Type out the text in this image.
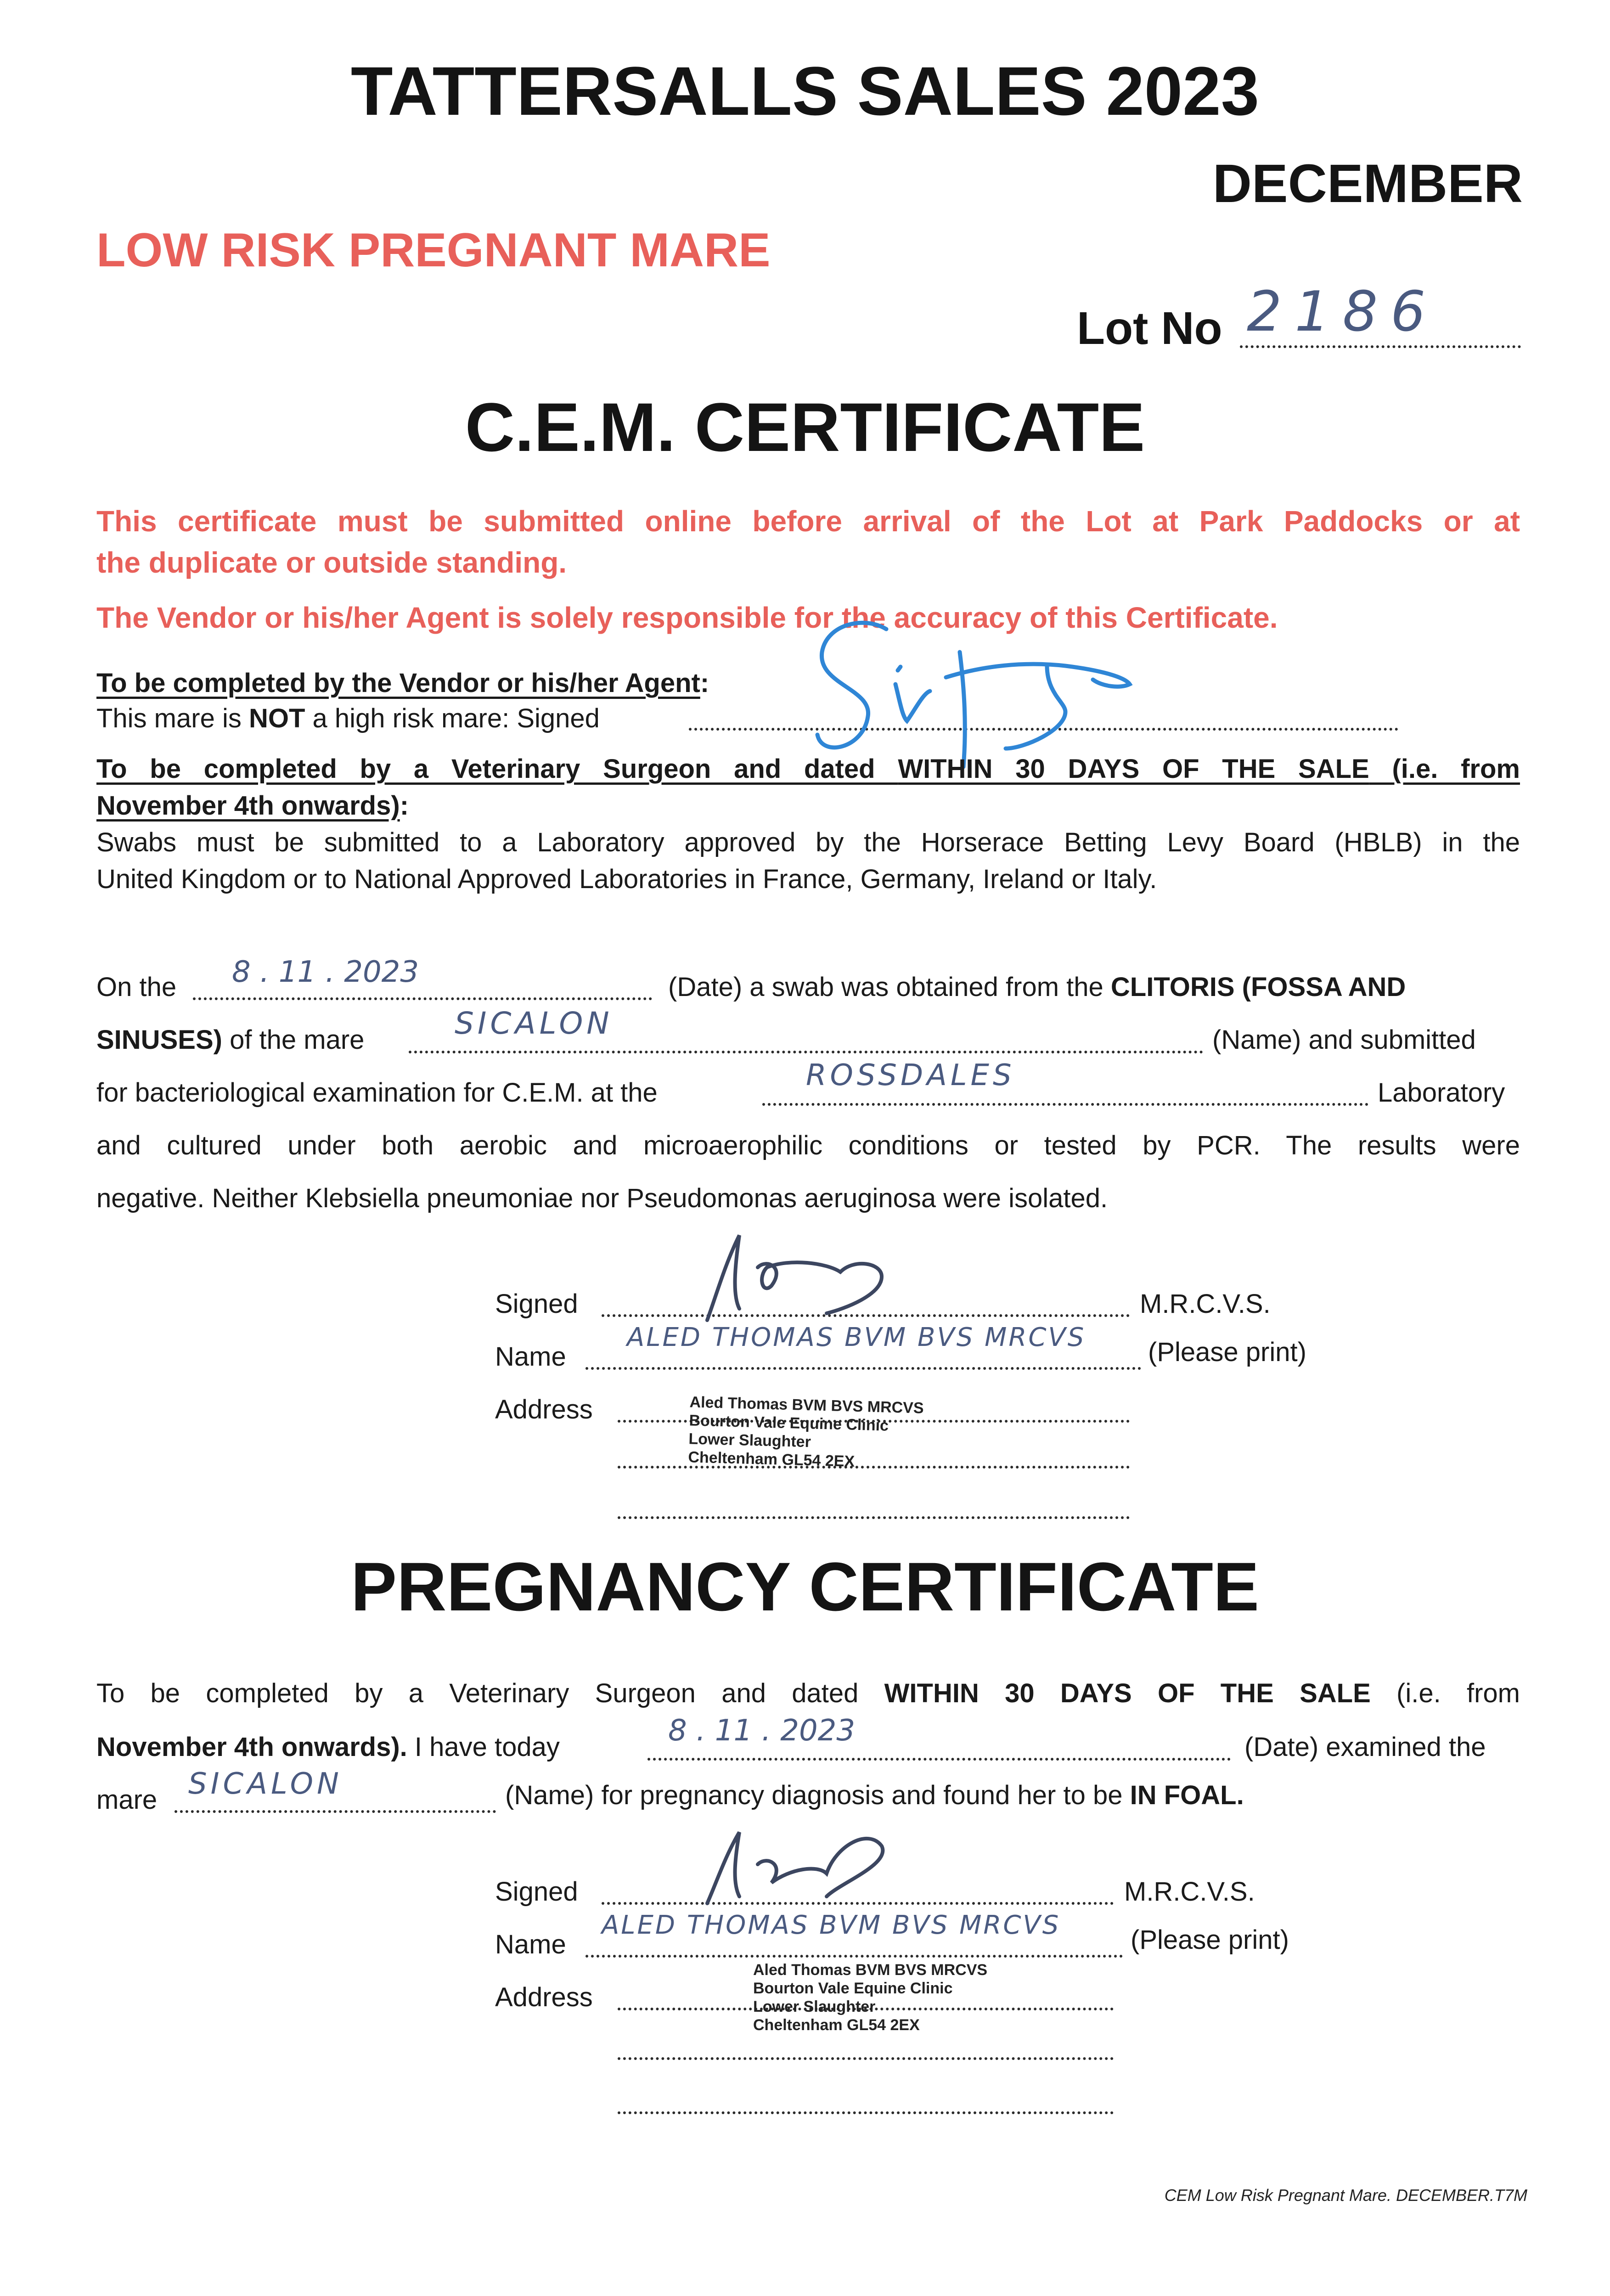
TATTERSALLS SALES 2023
DECEMBER
LOW RISK PREGNANT MARE
Lot No 2186
C.E.M. CERTIFICATE
This certificate must be submitted online before arrival of the Lot at Park Paddocks or at
the duplicate or outside standing.
The Vendor or his/her Agent is solely responsible for the accuracy of this Certificate.
To be completed by the Vendor or his/her Agent:
This mare is NOT a high risk mare: Signed
To be completed by a Veterinary Surgeon and dated WITHIN 30 DAYS OF THE SALE (i.e. from
November 4th onwards):
Swabs must be submitted to a Laboratory approved by the Horserace Betting Levy Board (HBLB) in the
United Kingdom or to National Approved Laboratories in France, Germany, Ireland or Italy.
On the 8 . 11 . 2023	(Date) a swab was obtained from the CLITORIS (FOSSA AND
SINUSES) of the mare	SICALON	(Name) and submitted
for bacteriological examination for C.E.M. at the
ROSSDALES
Laboratory
and cultured under both aerobic and microaerophilic conditions or tested by PCR. The results were
negative. Neither Klebsiella pneumoniae nor Pseudomonas aeruginosa were isolated.
Signed	M.R.C.V.S.
Name
ALED THOMAS BVM BVS MRCVS (Please print)
Address	Aled Thomas BVM BVS MRCVS
Bourton Vale Equine Clinic
Lower Slaughter
Cheltenham GL54 2EX
PREGNANCY CERTIFICATE
To be completed by a Veterinary Surgeon and dated WITHIN 30 DAYS OF THE SALE (i.e. from
November 4th onwards). I have today	8 . 11 . 2023	(Date) examined the
mare SICALON	(Name) for pregnancy diagnosis and found her to be IN FOAL.
Signed	M.R.C.V.S.
Name
ALED THOMAS BVM BVS MRCVS	(Please print)
Address
Aled Thomas BVM BVS MRCVS
Bourton Vale Equine Clinic
Lower Slaughter
Cheltenham GL54 2EX
CEM Low Risk Pregnant Mare. DECEMBER.T7M
